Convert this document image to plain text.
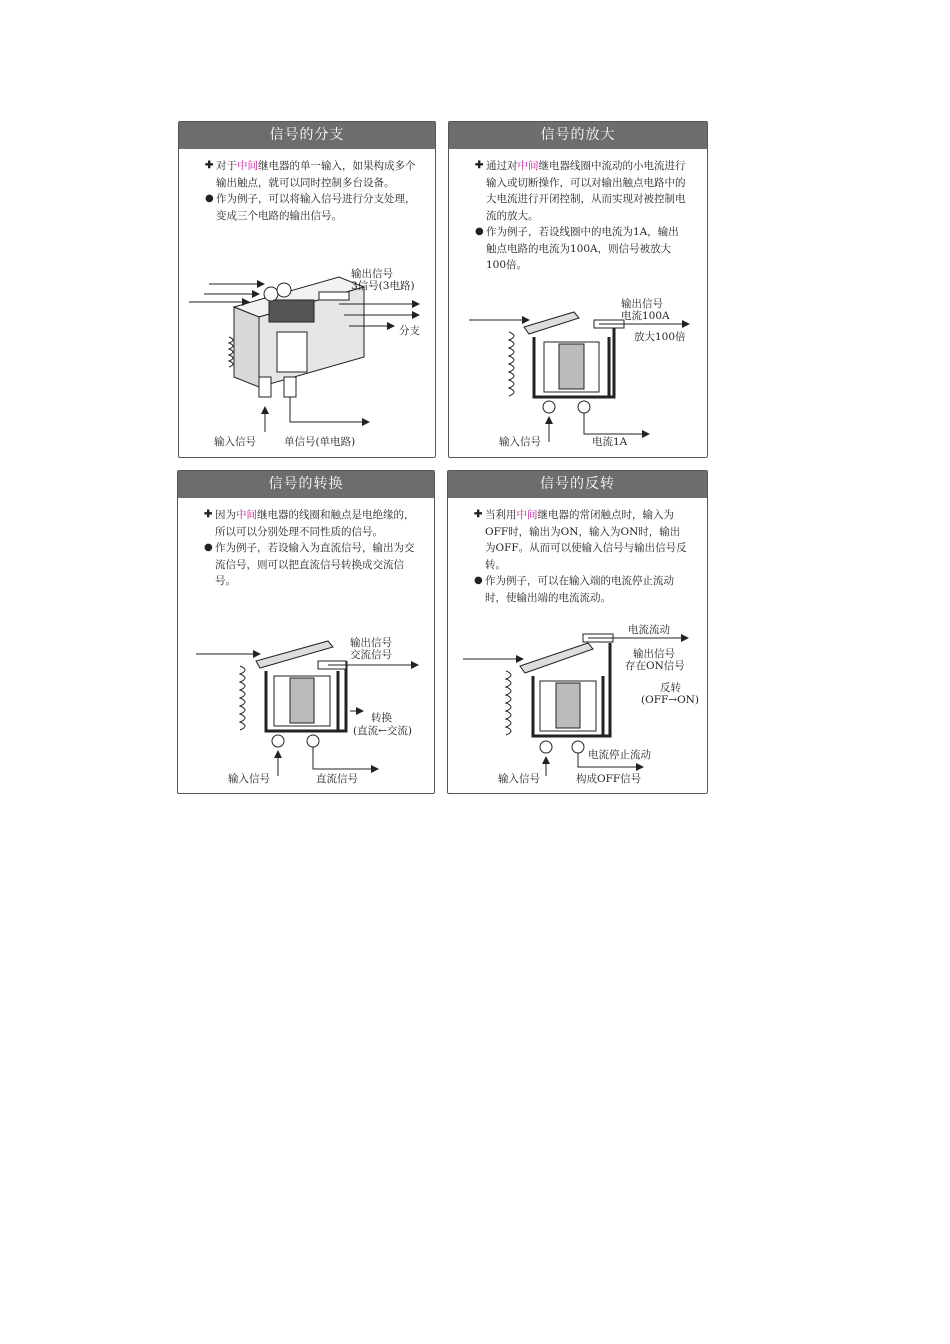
信号的分支
✚ 对于中间继电器的单一输入，如果构成多个输出触点，就可以同时控制多台设备。
● 作为例子，可以将输入信号进行分支处理，变成三个电路的输出信号。
输出信号
3信号(3电路)
分支
输入信号	单信号(单电路)
信号的放大
✚ 通过对中间继电器线圈中流动的小电流进行输入或切断操作，可以对输出触点电路中的大电流进行开闭控制，从而实现对被控制电流的放大。
● 作为例子，若设线圈中的电流为1A，输出触点电路的电流为100A，则信号被放大100倍。
输出信号
电流100A
放大100倍
输入信号	电流1A
信号的转换
✚ 因为中间继电器的线圈和触点是电绝缘的，所以可以分别处理不同性质的信号。
● 作为例子，若设输入为直流信号，输出为交流信号，则可以把直流信号转换成交流信号。
输出信号
交流信号
转换
(直流←交流)
输入信号	直流信号
信号的反转
✚ 当利用中间继电器的常闭触点时，输入为OFF时，输出为ON，输入为ON时，输出为OFF。从而可以使输入信号与输出信号反转。
● 作为例子，可以在输入端的电流停止流动时，使输出端的电流流动。
电流流动
输出信号
存在ON信号
反转
(OFF→ON)
电流停止流动
输入信号	构成OFF信号
